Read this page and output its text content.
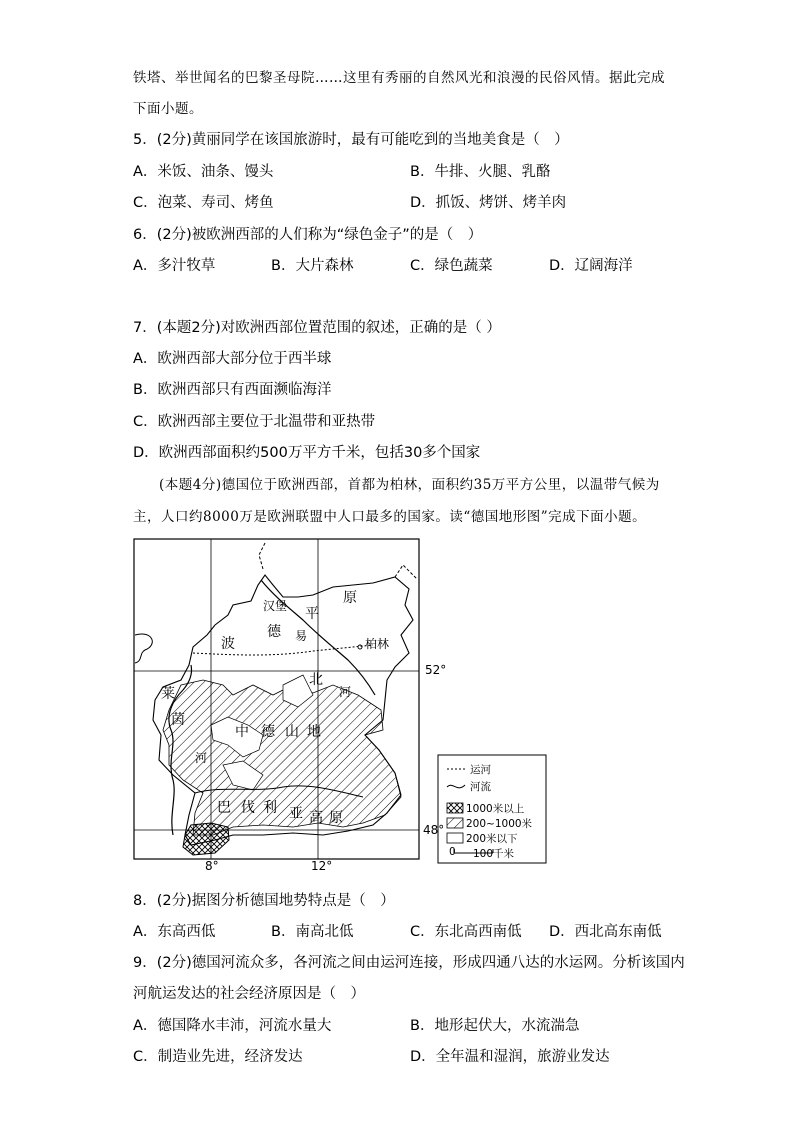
铁塔、举世闻名的巴黎圣母院……这里有秀丽的自然风光和浪漫的民俗风情。据此完成
下面小题。
5．(2分)黄丽同学在该国旅游时，最有可能吃到的当地美食是（　）
A．米饭、油条、馒头	B．牛排、火腿、乳酪
C．泡菜、寿司、烤鱼	D．抓饭、烤饼、烤羊肉
6．(2分)被欧洲西部的人们称为“绿色金子”的是（　）
A．多汁牧草	B．大片森林	C．绿色蔬菜	D．辽阔海洋
7．(本题2分)对欧洲西部位置范围的叙述，正确的是（ ）
A．欧洲西部大部分位于西半球
B．欧洲西部只有西面濒临海洋
C．欧洲西部主要位于北温带和亚热带
D．欧洲西部面积约500万平方千米，包括30多个国家
(本题4分)德国位于欧洲西部，首都为柏林，面积约35万平方公里，以温带气候为
主，人口约8000万是欧洲联盟中人口最多的国家。读“德国地形图”完成下面小题。
汉堡 平
原
德 易
波	柏林
北
河
莱
茵
河
中 德 山 地
巴 伐 利 亚 高 原
52°
48°
8°	12°
运河
河流
1000米以上
200~1000米
200米以下
0 100千米
8．(2分)据图分析德国地势特点是（　）
A．东高西低	B．南高北低	C．东北高西南低 D．西北高东南低
9．(2分)德国河流众多，各河流之间由运河连接，形成四通八达的水运网。分析该国内
河航运发达的社会经济原因是（　）
A．德国降水丰沛，河流水量大	B．地形起伏大，水流湍急
C．制造业先进，经济发达	D．全年温和湿润，旅游业发达
